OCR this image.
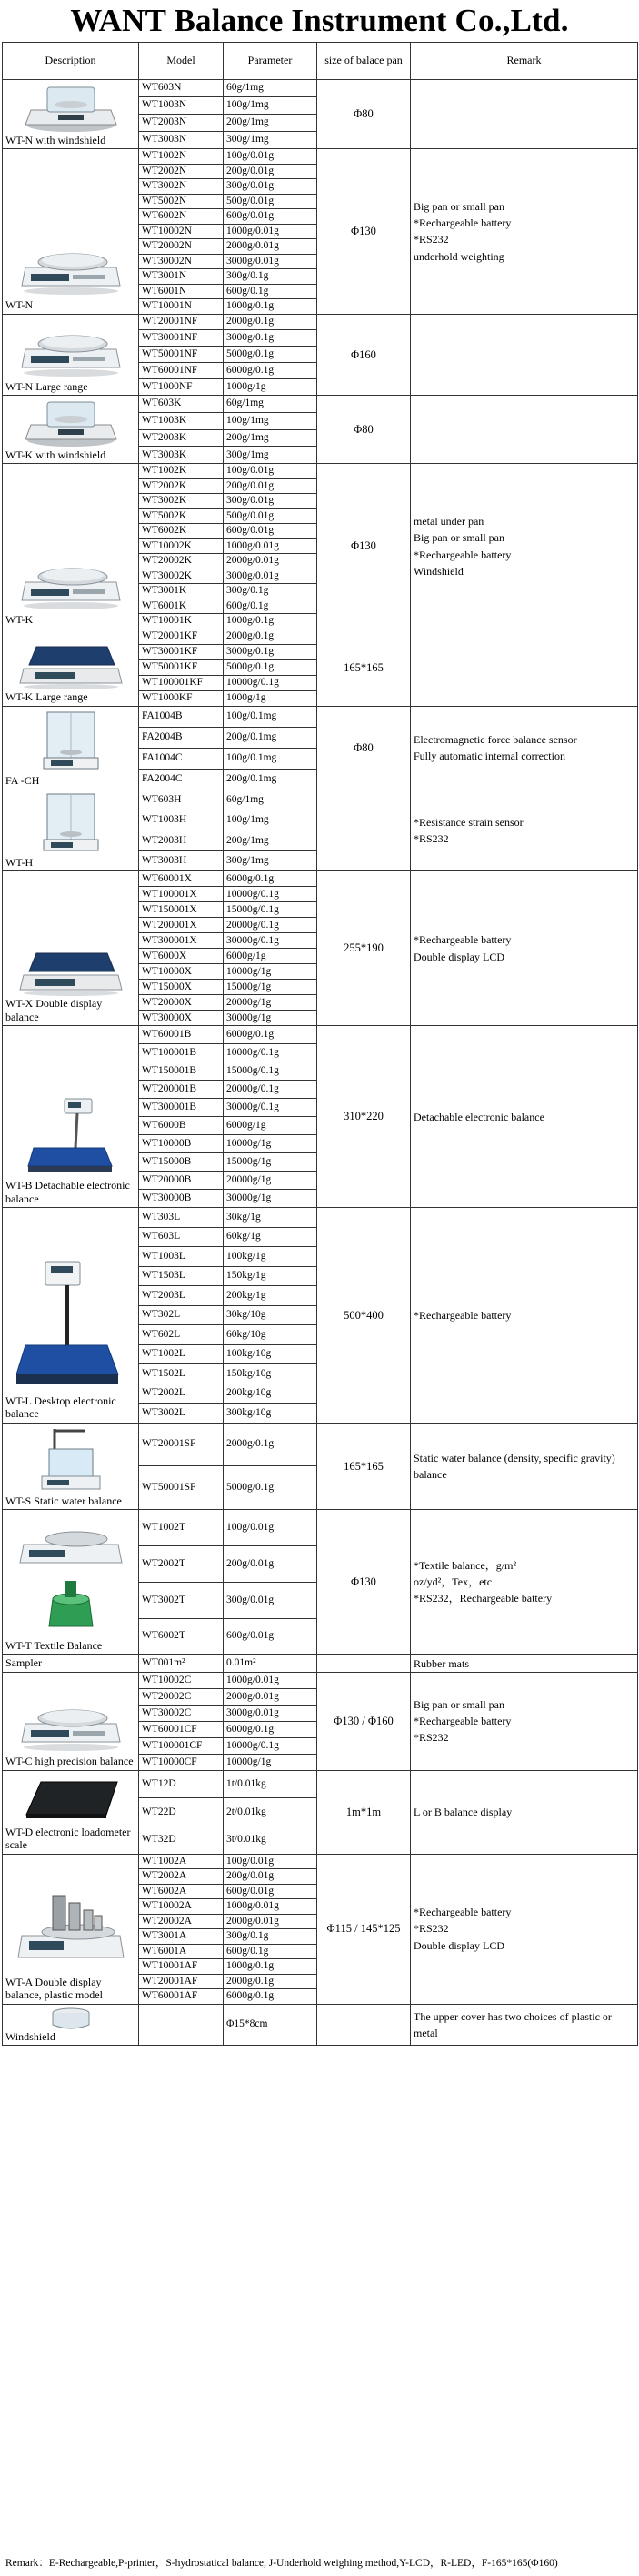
WANT Balance Instrument Co.,Ltd.
Description	Model	Parameter	size of balace pan	Remark

WT-N with windshield	WT603N	60g/1mg	Φ80	
	WT1003N	100g/1mg		
	WT2003N	200g/1mg		
	WT3003N	300g/1mg		

WT-N	WT1002N	100g/0.01g	Φ130	Big pan or small pan
*Rechargeable battery
*RS232
underhold weighting

	WT2002N	200g/0.01g		
	WT3002N	300g/0.01g		
	WT5002N	500g/0.01g		
	WT6002N	600g/0.01g		
	WT10002N	1000g/0.01g		
	WT20002N	2000g/0.01g		
	WT30002N	3000g/0.01g		
	WT3001N	300g/0.1g		
	WT6001N	600g/0.1g		
	WT10001N	1000g/0.1g		

WT-N Large range	WT20001NF	2000g/0.1g	Φ160	
	WT30001NF	3000g/0.1g		
	WT50001NF	5000g/0.1g		
	WT60001NF	6000g/0.1g		
	WT1000NF	1000g/1g		

WT-K with windshield	WT603K	60g/1mg	Φ80	
	WT1003K	100g/1mg		
	WT2003K	200g/1mg		
	WT3003K	300g/1mg		

WT-K	WT1002K	100g/0.01g	Φ130	metal under pan
Big pan or small pan
*Rechargeable battery
Windshield

	WT2002K	200g/0.01g		
	WT3002K	300g/0.01g		
	WT5002K	500g/0.01g		
	WT6002K	600g/0.01g		
	WT10002K	1000g/0.01g		
	WT20002K	2000g/0.01g		
	WT30002K	3000g/0.01g		
	WT3001K	300g/0.1g		
	WT6001K	600g/0.1g		
	WT10001K	1000g/0.1g		

WT-K Large range	WT20001KF	2000g/0.1g	165*165	
	WT30001KF	3000g/0.1g		
	WT50001KF	5000g/0.1g		
	WT100001KF	10000g/0.1g		
	WT1000KF	1000g/1g		

FA -CH	FA1004B	100g/0.1mg	Φ80	Electromagnetic force balance sensor
Fully automatic internal correction

	FA2004B	200g/0.1mg		
	FA1004C	100g/0.1mg		
	FA2004C	200g/0.1mg		

WT-H	WT603H	60g/1mg		*Resistance strain sensor
*RS232

	WT1003H	100g/1mg		
	WT2003H	200g/1mg		
	WT3003H	300g/1mg		

WT-X Double display balance	WT60001X	6000g/0.1g	255*190	*Rechargeable battery
Double display LCD

	WT100001X	10000g/0.1g		
	WT150001X	15000g/0.1g		
	WT200001X	20000g/0.1g		
	WT300001X	30000g/0.1g		
	WT6000X	6000g/1g		
	WT10000X	10000g/1g		
	WT15000X	15000g/1g		
	WT20000X	20000g/1g		
	WT30000X	30000g/1g		

WT-B Detachable electronic balance	WT60001B	6000g/0.1g	310*220	Detachable electronic balance

	WT100001B	10000g/0.1g		
	WT150001B	15000g/0.1g		
	WT200001B	20000g/0.1g		
	WT300001B	30000g/0.1g		
	WT6000B	6000g/1g		
	WT10000B	10000g/1g		
	WT15000B	15000g/1g		
	WT20000B	20000g/1g		
	WT30000B	30000g/1g		

WT-L Desktop electronic balance	WT303L	30kg/1g	500*400	*Rechargeable battery

	WT603L	60kg/1g		
	WT1003L	100kg/1g		
	WT1503L	150kg/1g		
	WT2003L	200kg/1g		
	WT302L	30kg/10g		
	WT602L	60kg/10g		
	WT1002L	100kg/10g		
	WT1502L	150kg/10g		
	WT2002L	200kg/10g		
	WT3002L	300kg/10g		

WT-S Static water balance	WT20001SF	2000g/0.1g	165*165	Static water balance (density, specific gravity) balance

	WT50001SF	5000g/0.1g		

WT-T Textile Balance	WT1002T	100g/0.01g	Φ130	*Textile balance，g/m²
oz/yd²，Tex，etc
*RS232，Rechargeable battery

	WT2002T	200g/0.01g		
	WT3002T	300g/0.01g		
	WT6002T	600g/0.01g		

Sampler	WT001m²	0.01m²		Rubber mats

WT-C high precision balance	WT10002C	1000g/0.01g	Φ130 / Φ160	Big pan or small pan
*Rechargeable battery
*RS232

	WT20002C	2000g/0.01g		
	WT30002C	3000g/0.01g		
	WT60001CF	6000g/0.1g		
	WT100001CF	10000g/0.1g		
	WT10000CF	10000g/1g		

WT-D electronic loadometer scale	WT12D	1t/0.01kg	1m*1m	L or B balance display

	WT22D	2t/0.01kg		
	WT32D	3t/0.01kg		

WT-A Double display balance, plastic model	WT1002A	100g/0.01g	Φ115 / 145*125	*Rechargeable battery
*RS232
Double display LCD

	WT2002A	200g/0.01g		
	WT6002A	600g/0.01g		
	WT10002A	1000g/0.01g		
	WT20002A	2000g/0.01g		
	WT3001A	300g/0.1g		
	WT6001A	600g/0.1g		
	WT10001AF	1000g/0.1g		
	WT20001AF	2000g/0.1g		
	WT60001AF	6000g/0.1g		

Windshield		Φ15*8cm		The upper cover has two choices of plastic or metal
Remark：E-Rechargeable,P-printer，S-hydrostatical balance, J-Underhold weighing method,Y-LCD，R-LED，F-165*165(Φ160)
